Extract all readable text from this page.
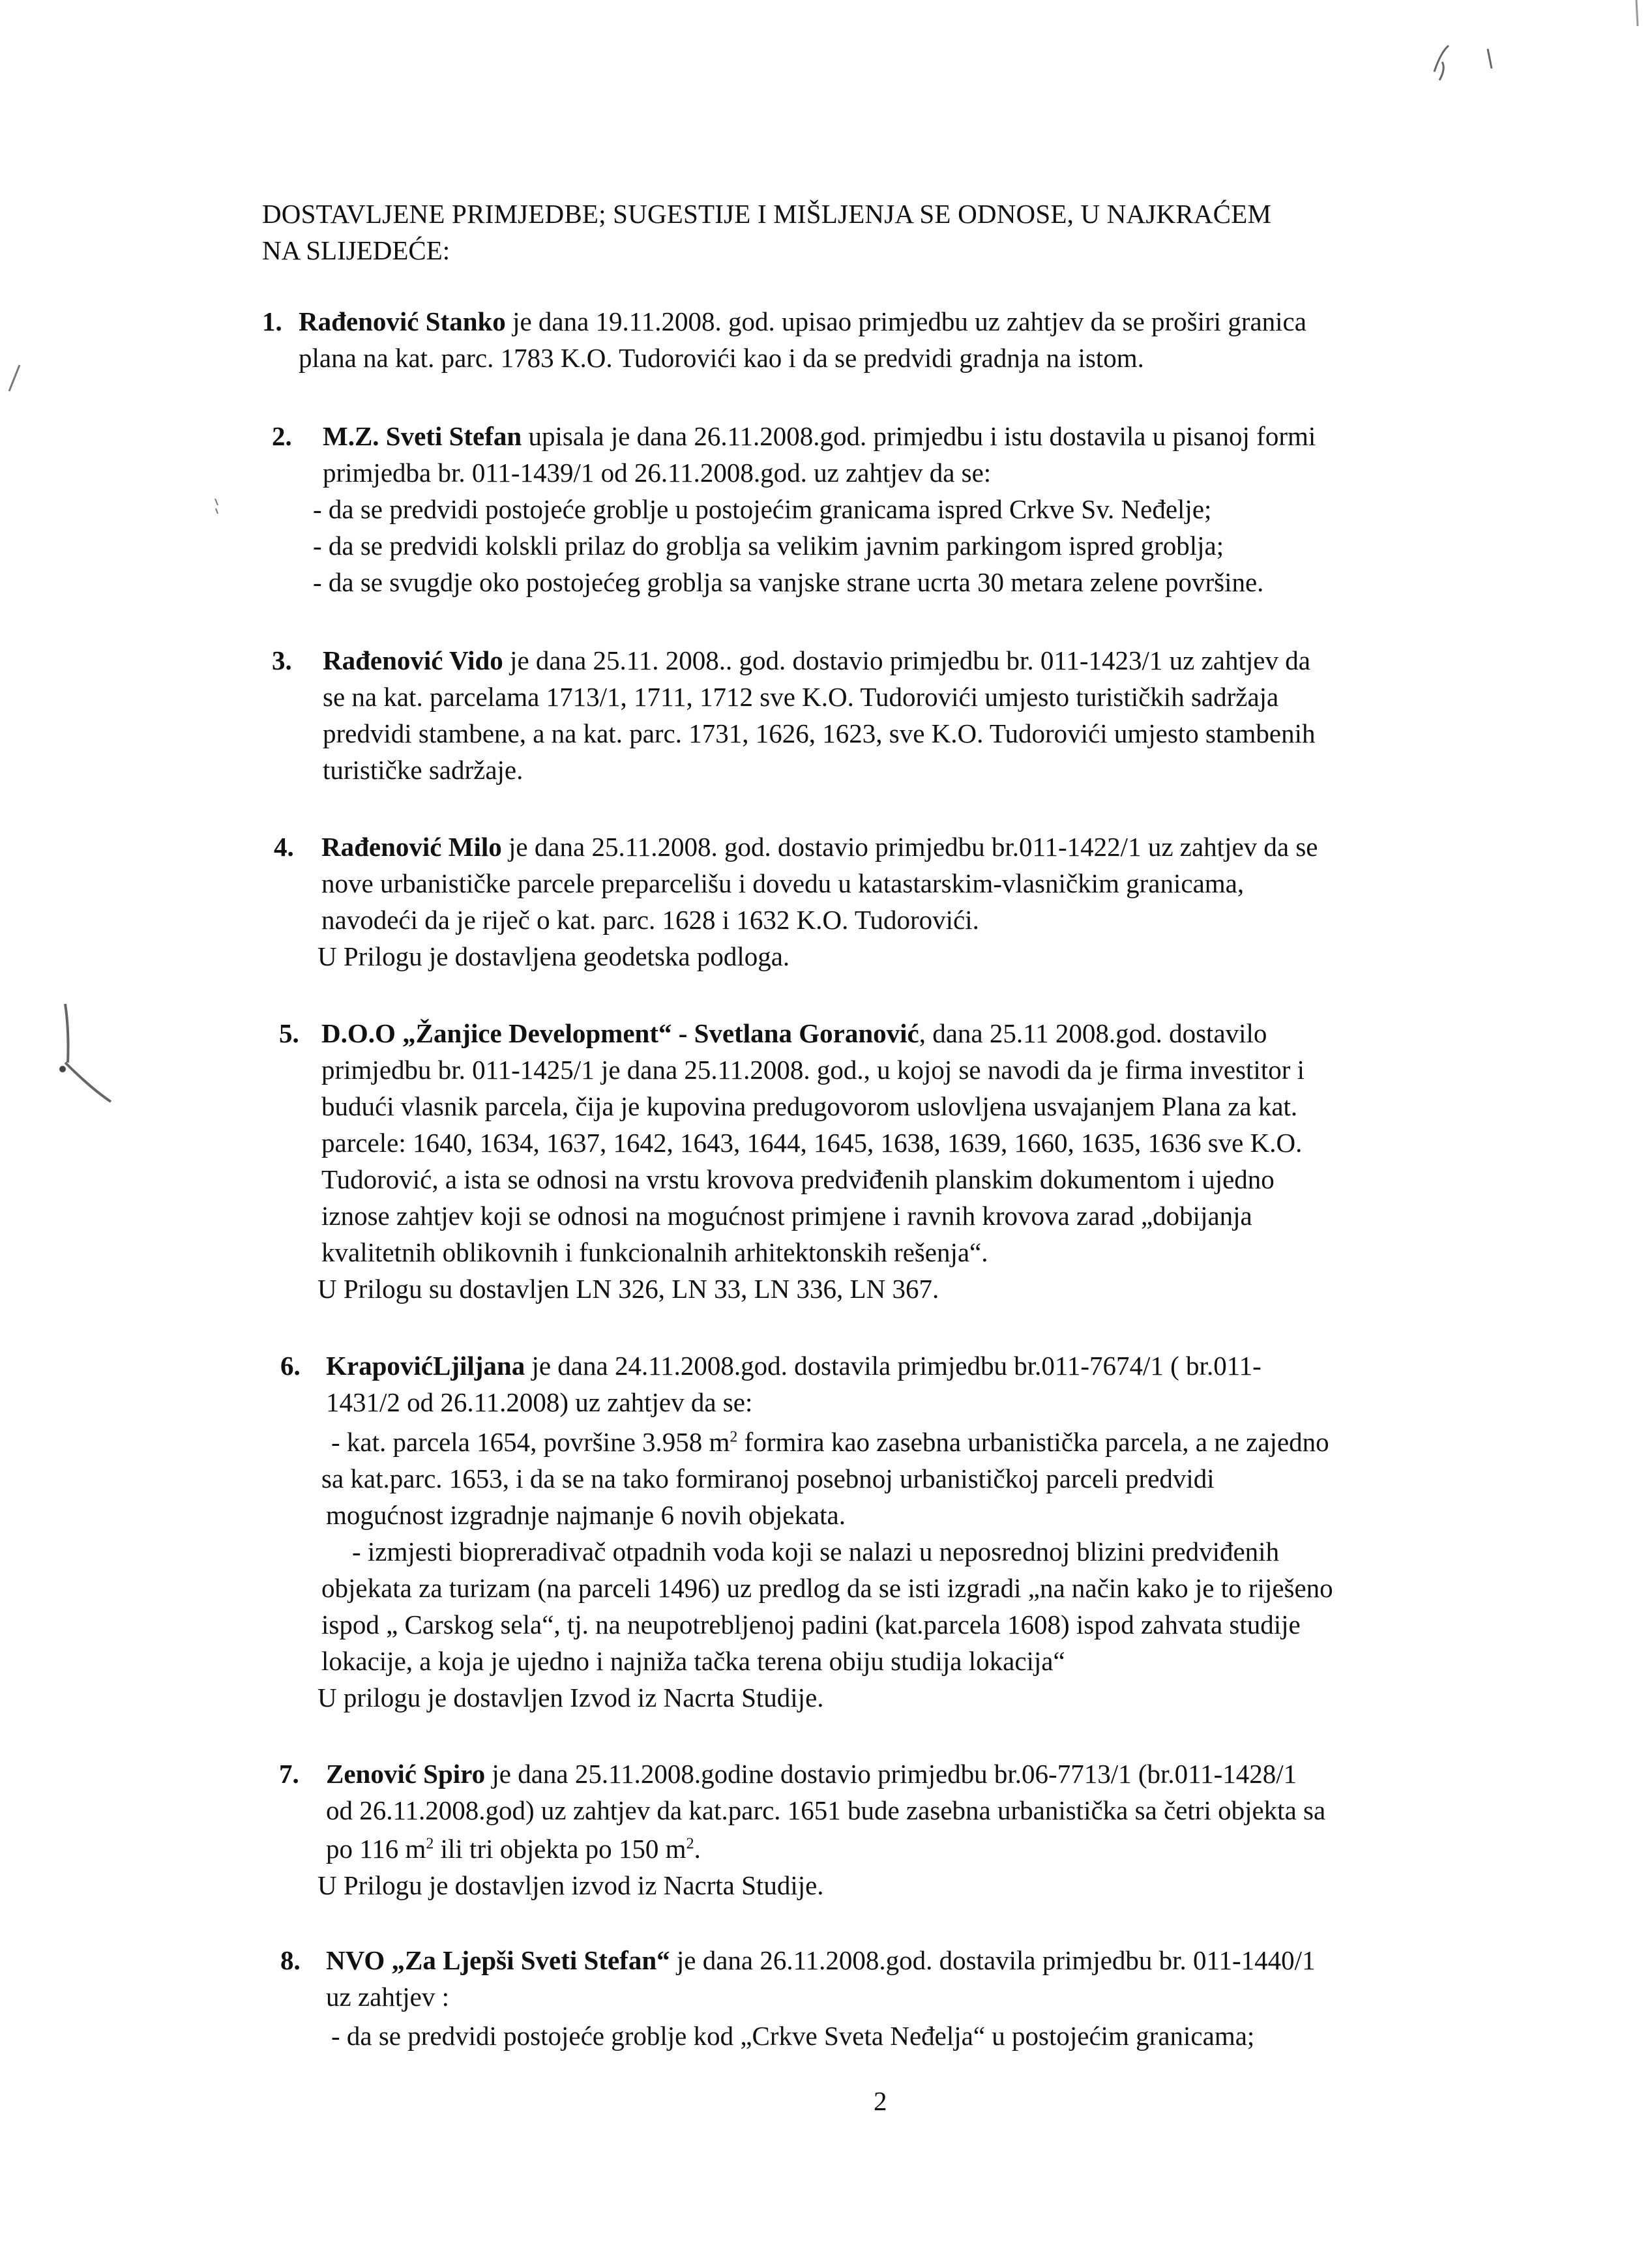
DOSTAVLJENE PRIMJEDBE; SUGESTIJE I MIŠLJENJA SE ODNOSE, U NAJKRAĆEM
NA SLIJEDEĆE:
1. Rađenović Stanko je dana 19.11.2008. god. upisao primjedbu uz zahtjev da se proširi granica
plana na kat. parc. 1783 K.O. Tudorovići kao i da se predvidi gradnja na istom.
2. M.Z. Sveti Stefan upisala je dana 26.11.2008.god. primjedbu i istu dostavila u pisanoj formi
primjedba br. 011-1439/1 od 26.11.2008.god. uz zahtjev da se:
- da se predvidi postojeće groblje u postojećim granicama ispred Crkve Sv. Neđelje;
- da se predvidi kolskli prilaz do groblja sa velikim javnim parkingom ispred groblja;
- da se svugdje oko postojećeg groblja sa vanjske strane ucrta 30 metara zelene površine.
3. Rađenović Vido je dana 25.11. 2008.. god. dostavio primjedbu br. 011-1423/1 uz zahtjev da
se na kat. parcelama 1713/1, 1711, 1712 sve K.O. Tudorovići umjesto turističkih sadržaja
predvidi stambene, a na kat. parc. 1731, 1626, 1623, sve K.O. Tudorovići umjesto stambenih
turističke sadržaje.
4. Rađenović Milo je dana 25.11.2008. god. dostavio primjedbu br.011-1422/1 uz zahtjev da se
nove urbanističke parcele preparcelišu i dovedu u katastarskim-vlasničkim granicama,
navodeći da je riječ o kat. parc. 1628 i 1632 K.O. Tudorovići.
U Prilogu je dostavljena geodetska podloga.
5. D.O.O „Žanjice Development“ - Svetlana Goranović, dana 25.11 2008.god. dostavilo
primjedbu br. 011-1425/1 je dana 25.11.2008. god., u kojoj se navodi da je firma investitor i
budući vlasnik parcela, čija je kupovina predugovorom uslovljena usvajanjem Plana za kat.
parcele: 1640, 1634, 1637, 1642, 1643, 1644, 1645, 1638, 1639, 1660, 1635, 1636 sve K.O.
Tudorović, a ista se odnosi na vrstu krovova predviđenih planskim dokumentom i ujedno
iznose zahtjev koji se odnosi na mogućnost primjene i ravnih krovova zarad „dobijanja
kvalitetnih oblikovnih i funkcionalnih arhitektonskih rešenja“.
U Prilogu su dostavljen LN 326, LN 33, LN 336, LN 367.
6. KrapovićLjiljana je dana 24.11.2008.god. dostavila primjedbu br.011-7674/1 ( br.011-
1431/2 od 26.11.2008) uz zahtjev da se:
- kat. parcela 1654, površine 3.958 $m^2$ formira kao zasebna urbanistička parcela, a ne zajedno
sa kat.parc. 1653, i da se na tako formiranoj posebnoj urbanističkoj parceli predvidi
mogućnost izgradnje najmanje 6 novih objekata.
- izmjesti biopreradivač otpadnih voda koji se nalazi u neposrednoj blizini predviđenih
objekata za turizam (na parceli 1496) uz predlog da se isti izgradi „na način kako je to riješeno
ispod „ Carskog sela“, tj. na neupotrebljenoj padini (kat.parcela 1608) ispod zahvata studije
lokacije, a koja je ujedno i najniža tačka terena obiju studija lokacija“
U prilogu je dostavljen Izvod iz Nacrta Studije.
7. Zenović Spiro je dana 25.11.2008.godine dostavio primjedbu br.06-7713/1 (br.011-1428/1
od 26.11.2008.god) uz zahtjev da kat.parc. 1651 bude zasebna urbanistička sa četri objekta sa
po 116 $m^2$ ili tri objekta po 150 $m^2$.
U Prilogu je dostavljen izvod iz Nacrta Studije.
8. NVO „Za Ljepši Sveti Stefan“ je dana 26.11.2008.god. dostavila primjedbu br. 011-1440/1
uz zahtjev :
- da se predvidi postojeće groblje kod „Crkve Sveta Neđelja“ u postojećim granicama;
2
